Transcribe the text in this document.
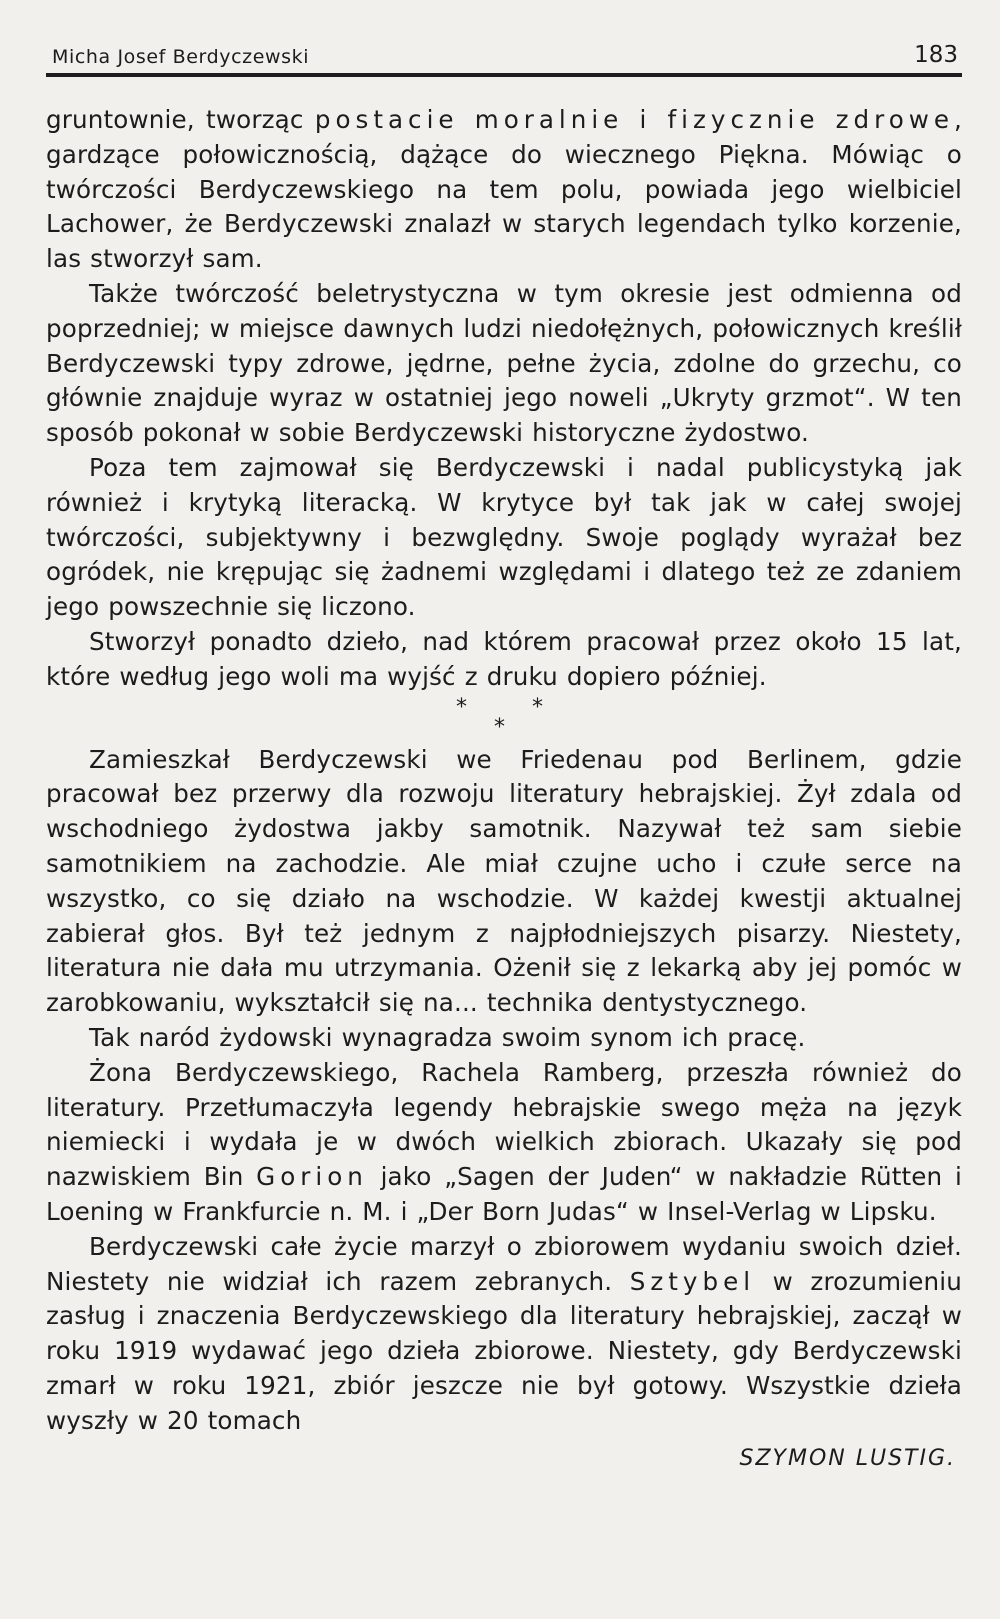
Micha Josef Berdyczewski	183

gruntownie, tworząc postacie moralnie i fizycznie zdrowe, gardzące połowicznością, dążące do wiecznego Piękna. Mówiąc o twórczości Berdyczewskiego na tem polu, powiada jego wielbiciel Lachower, że Berdyczewski znalazł w starych legendach tylko korzenie, las stworzył sam.

Także twórczość beletrystyczna w tym okresie jest odmienna od poprzedniej; w miejsce dawnych ludzi niedołężnych, połowicznych kreślił Berdyczewski typy zdrowe, jędrne, pełne życia, zdolne do grzechu, co głównie znajduje wyraz w ostatniej jego noweli „Ukryty grzmot“. W ten sposób pokonał w sobie Berdyczewski historyczne żydostwo.

Poza tem zajmował się Berdyczewski i nadal publicystyką jak również i krytyką literacką. W krytyce był tak jak w całej swojej twórczości, subjektywny i bezwględny. Swoje poglądy wyrażał bez ogródek, nie krępując się żadnemi względami i dlatego też ze zdaniem jego powszechnie się liczono.

Stworzył ponadto dzieło, nad którem pracował przez około 15 lat, które według jego woli ma wyjść z druku dopiero później.

*	*
*

Zamieszkał Berdyczewski we Friedenau pod Berlinem, gdzie pracował bez przerwy dla rozwoju literatury hebrajskiej. Żył zdala od wschodniego żydostwa jakby samotnik. Nazywał też sam siebie samotnikiem na zachodzie. Ale miał czujne ucho i czułe serce na wszystko, co się działo na wschodzie. W każdej kwestji aktualnej zabierał głos. Był też jednym z najpłodniejszych pisarzy. Niestety, literatura nie dała mu utrzymania. Ożenił się z lekarką aby jej pomóc w zarobkowaniu, wykształcił się na... technika dentystycznego.

Tak naród żydowski wynagradza swoim synom ich pracę.

Żona Berdyczewskiego, Rachela Ramberg, przeszła również do literatury. Przetłumaczyła legendy hebrajskie swego męża na język niemiecki i wydała je w dwóch wielkich zbiorach. Ukazały się pod nazwiskiem Bin Gorion jako „Sagen der Juden“ w nakładzie Rütten i Loening w Frankfurcie n. M. i „Der Born Judas“ w Insel-Verlag w Lipsku.

Berdyczewski całe życie marzył o zbiorowem wydaniu swoich dzieł. Niestety nie widział ich razem zebranych. Sztybel w zrozumieniu zasług i znaczenia Berdyczewskiego dla literatury hebrajskiej, zaczął w roku 1919 wydawać jego dzieła zbiorowe. Niestety, gdy Berdyczewski zmarł w roku 1921, zbiór jeszcze nie był gotowy. Wszystkie dzieła wyszły w 20 tomach

SZYMON LUSTIG.
